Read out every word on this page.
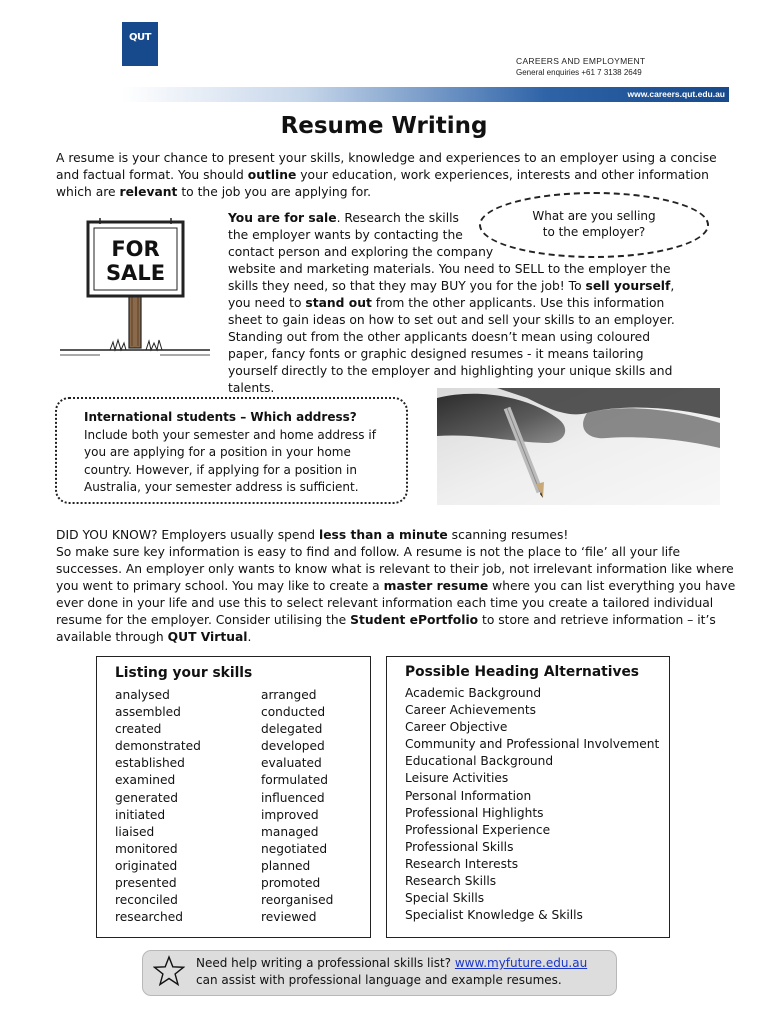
QUT
CAREERS AND EMPLOYMENT
General enquiries +61 7 3138 2649
www.careers.qut.edu.au
Resume Writing
A resume is your chance to present your skills, knowledge and experiences to an employer using a concise and factual format. You should outline your education, work experiences, interests and other information which are relevant to the job you are applying for.
FOR
SALE
You are for sale. Research the skills
the employer wants by contacting the
contact person and exploring the company
website and marketing materials. You need to SELL to the employer the skills they need, so that they may BUY you for the job! To sell yourself, you need to stand out from the other applicants. Use this information sheet to gain ideas on how to set out and sell your skills to an employer. Standing out from the other applicants doesn’t mean using coloured paper, fancy fonts or graphic designed resumes - it means tailoring yourself directly to the employer and highlighting your unique skills and talents.
What are you selling
to the employer?
International students – Which address?
Include both your semester and home address if you are applying for a position in your home country. However, if applying for a position in Australia, your semester address is sufficient.
DID YOU KNOW? Employers usually spend less than a minute scanning resumes!
So make sure key information is easy to find and follow. A resume is not the place to ‘file’ all your life successes. An employer only wants to know what is relevant to their job, not irrelevant information like where you went to primary school. You may like to create a master resume where you can list everything you have ever done in your life and use this to select relevant information each time you create a tailored individual resume for the employer. Consider utilising the Student ePortfolio to store and retrieve information – it’s available through QUT Virtual.
Listing your skills
analysed
assembled
created
demonstrated
established
examined
generated
initiated
liaised
monitored
originated
presented
reconciled
researched
arranged
conducted
delegated
developed
evaluated
formulated
influenced
improved
managed
negotiated
planned
promoted
reorganised
reviewed
Possible Heading Alternatives
Academic Background
Career Achievements
Career Objective
Community and Professional Involvement
Educational Background
Leisure Activities
Personal Information
Professional Highlights
Professional Experience
Professional Skills
Research Interests
Research Skills
Special Skills
Specialist Knowledge & Skills
Need help writing a professional skills list? www.myfuture.edu.au
can assist with professional language and example resumes.
